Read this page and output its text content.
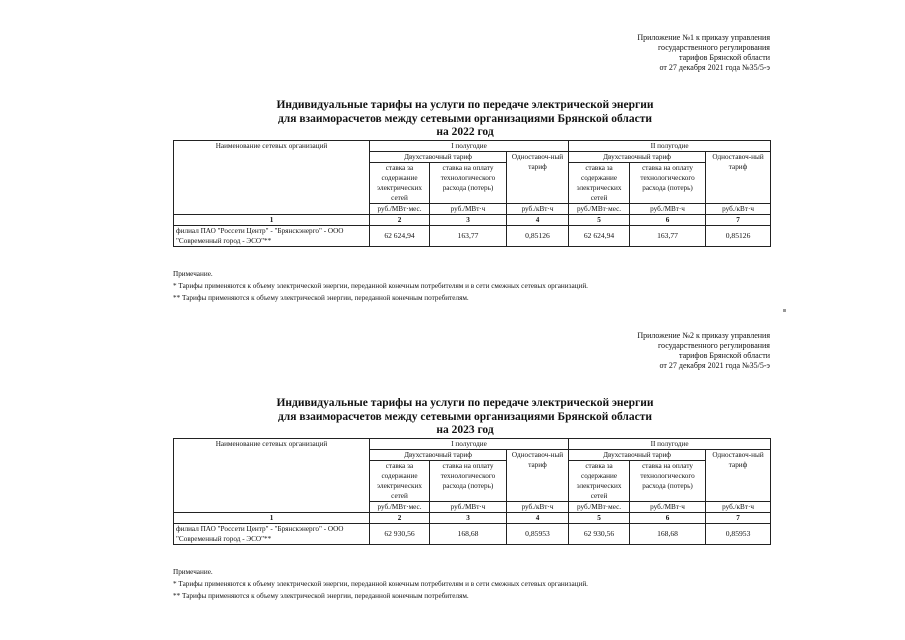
Приложение №1 к приказу управления
государственного регулирования
тарифов Брянской области
от 27 декабря 2021 года №35/5-э
Индивидуальные тарифы на услуги по передаче электрической энергии
для взаиморасчетов между сетевыми организациями Брянской области
на 2022 год
Наименование сетевых организаций	I полугодие			II полугодие		
	Двухставочный тариф		Одноставоч-ный тариф	Двухставочный тариф		Одноставоч-ный тариф
	ставка за содержание электрических сетей	ставка на оплату технологического расхода (потерь)		ставка за содержание электрических сетей	ставка на оплату технологического расхода (потерь)	
	руб./МВт·мес.	руб./МВт·ч	руб./кВт·ч	руб./МВт·мес.	руб./МВт·ч	руб./кВт·ч
1	2	3	4	5	6	7
филиал ПАО "Россети Центр" - "Брянскэнерго" - ООО "Современный город - ЭСО"**	62 624,94	163,77	0,85126	62 624,94	163,77	0,85126
Примечание.
* Тарифы применяются к объему электрической энергии, переданной конечным потребителям и в сети смежных сетевых организаций.
** Тарифы применяются к объему электрической энергии, переданной конечным потребителям.
Приложение №2 к приказу управления
государственного регулирования
тарифов Брянской области
от 27 декабря 2021 года №35/5-э
Индивидуальные тарифы на услуги по передаче электрической энергии
для взаиморасчетов между сетевыми организациями Брянской области
на 2023 год
Наименование сетевых организаций	I полугодие			II полугодие		
	Двухставочный тариф		Одноставоч-ный тариф	Двухставочный тариф		Одноставоч-ный тариф
	ставка за содержание электрических сетей	ставка на оплату технологического расхода (потерь)		ставка за содержание электрических сетей	ставка на оплату технологического расхода (потерь)	
	руб./МВт·мес.	руб./МВт·ч	руб./кВт·ч	руб./МВт·мес.	руб./МВт·ч	руб./кВт·ч
1	2	3	4	5	6	7
филиал ПАО "Россети Центр" - "Брянскэнерго" - ООО "Современный город - ЭСО"**	62 930,56	168,68	0,85953	62 930,56	168,68	0,85953
Примечание.
* Тарифы применяются к объему электрической энергии, переданной конечным потребителям и в сети смежных сетевых организаций.
** Тарифы применяются к объему электрической энергии, переданной конечным потребителям.
